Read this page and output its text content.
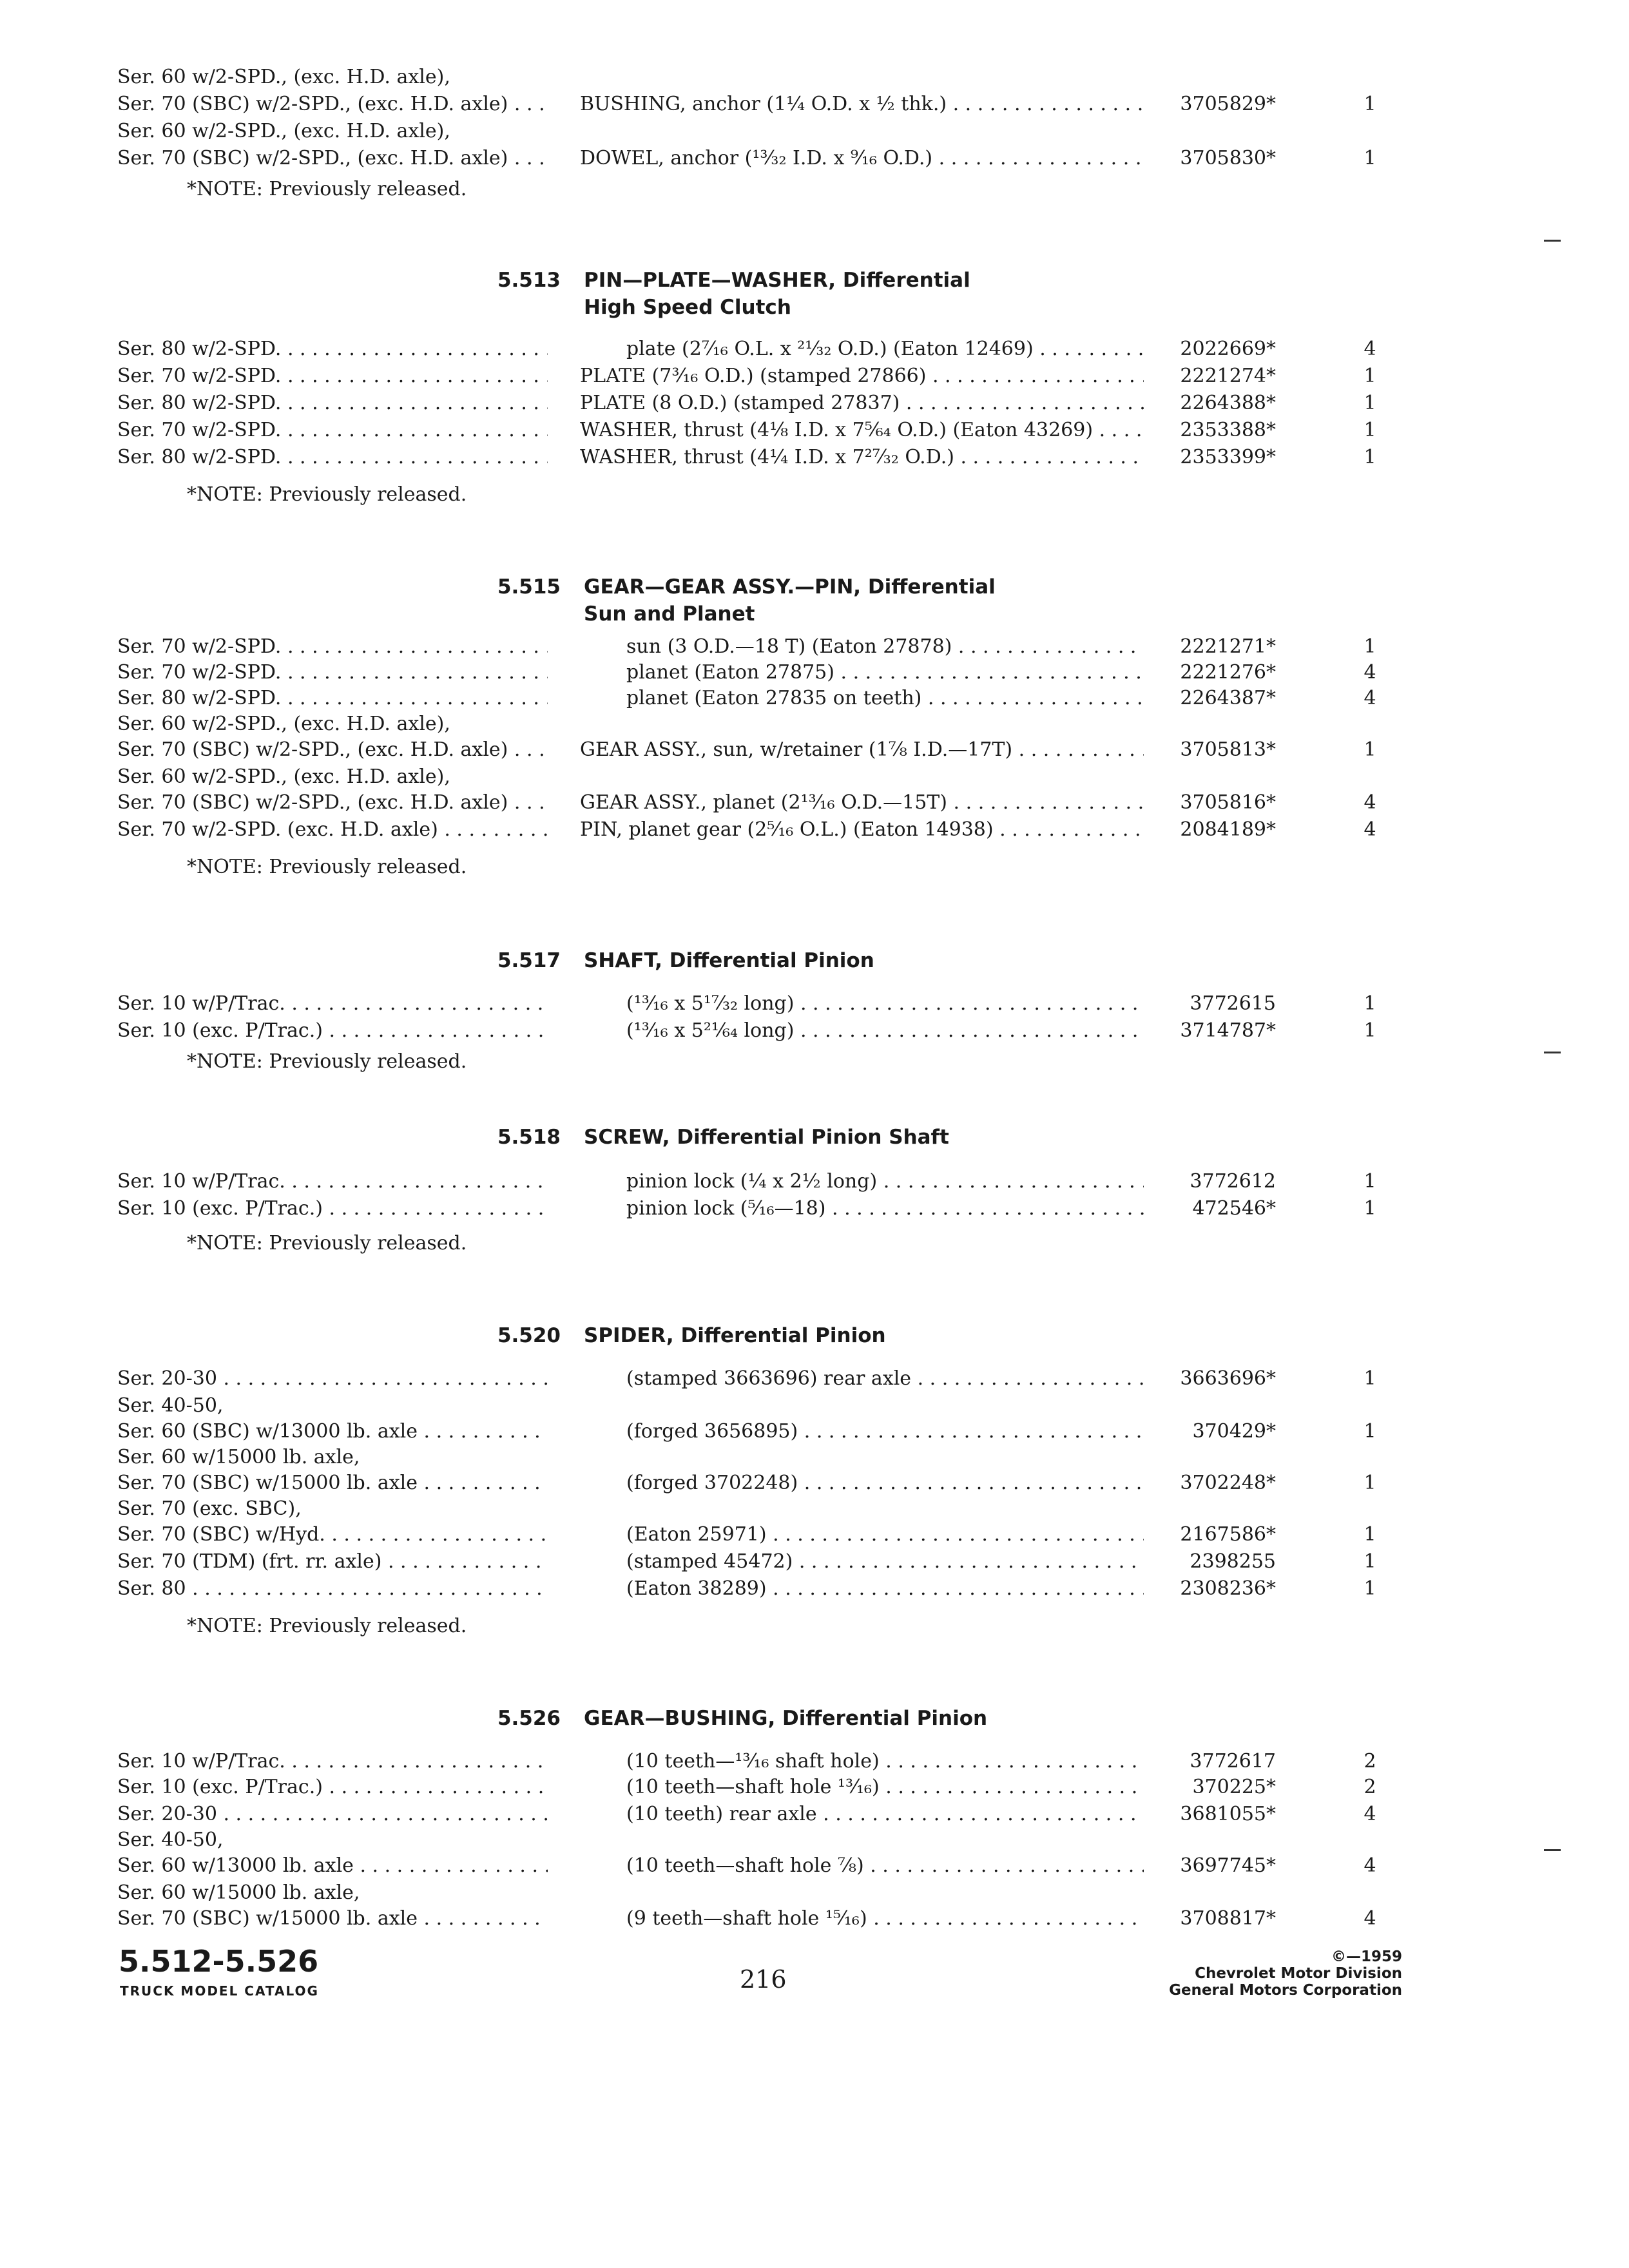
Ser. 60 w/2-SPD., (exc. H.D. axle),
Ser. 70 (SBC) w/2-SPD., (exc. H.D. axle) . . .	BUSHING, anchor (1¼ O.D. x ½ thk.) . . .	3705829*	1
Ser. 60 w/2-SPD., (exc. H.D. axle),
Ser. 70 (SBC) w/2-SPD., (exc. H.D. axle) . . .	DOWEL, anchor (¹³⁄₃₂ I.D. x ⁹⁄₁₆ O.D.) . . .	3705830*	1
*NOTE: Previously released.
5.513 PIN—PLATE—WASHER, Differential
High Speed Clutch
Ser. 80 w/2-SPD. . . .	plate (2⁷⁄₁₆ O.L. x ²¹⁄₃₂ O.D.) (Eaton 12469) . . .	2022669*	4
Ser. 70 w/2-SPD. . . .	PLATE (7³⁄₁₆ O.D.) (stamped 27866) . . .	2221274*	1
Ser. 80 w/2-SPD. . . .	PLATE (8 O.D.) (stamped 27837) . . .	2264388*	1
Ser. 70 w/2-SPD. . . .	WASHER, thrust (4⅛ I.D. x 7⁵⁄₆₄ O.D.) (Eaton 43269) . . .	2353388*	1
Ser. 80 w/2-SPD. . . .	WASHER, thrust (4¼ I.D. x 7²⁷⁄₃₂ O.D.) . . .	2353399*	1
*NOTE: Previously released.
5.515 GEAR—GEAR ASSY.—PIN, Differential
Sun and Planet
Ser. 70 w/2-SPD. . . .	sun (3 O.D.—18 T) (Eaton 27878) . . .	2221271*	1
Ser. 70 w/2-SPD. . . .	planet (Eaton 27875) . . .	2221276*	4
Ser. 80 w/2-SPD. . . .	planet (Eaton 27835 on teeth) . . .	2264387*	4
Ser. 60 w/2-SPD., (exc. H.D. axle),
Ser. 70 (SBC) w/2-SPD., (exc. H.D. axle) . . .	GEAR ASSY., sun, w/retainer (1⅞ I.D.—17T) . . .	3705813*	1
Ser. 60 w/2-SPD., (exc. H.D. axle),
Ser. 70 (SBC) w/2-SPD., (exc. H.D. axle) . . .	GEAR ASSY., planet (2¹³⁄₁₆ O.D.—15T) . . .	3705816*	4
Ser. 70 w/2-SPD. (exc. H.D. axle) . . .	PIN, planet gear (2⁵⁄₁₆ O.L.) (Eaton 14938) . . .	2084189*	4
*NOTE: Previously released.
5.517 SHAFT, Differential Pinion
Ser. 10 w/P/Trac. . . .	(¹³⁄₁₆ x 5¹⁷⁄₃₂ long) . . .	3772615	1
Ser. 10 (exc. P/Trac.) . . .	(¹³⁄₁₆ x 5²¹⁄₆₄ long) . . .	3714787*	1
*NOTE: Previously released.
5.518 SCREW, Differential Pinion Shaft
Ser. 10 w/P/Trac. . . .	pinion lock (¼ x 2½ long) . . .	3772612	1
Ser. 10 (exc. P/Trac.) . . .	pinion lock (⁵⁄₁₆—18) . . .	472546*	1
*NOTE: Previously released.
5.520 SPIDER, Differential Pinion
Ser. 20-30 . . .	(stamped 3663696) rear axle . . .	3663696*	1
Ser. 40-50,
Ser. 60 (SBC) w/13000 lb. axle . . .	(forged 3656895) . . .	370429*	1
Ser. 60 w/15000 lb. axle,
Ser. 70 (SBC) w/15000 lb. axle . . .	(forged 3702248) . . .	3702248*	1
Ser. 70 (exc. SBC),
Ser. 70 (SBC) w/Hyd. . . .	(Eaton 25971) . . .	2167586*	1
Ser. 70 (TDM) (frt. rr. axle) . . .	(stamped 45472) . . .	2398255	1
Ser. 80 . . .	(Eaton 38289) . . .	2308236*	1
*NOTE: Previously released.
5.526 GEAR—BUSHING, Differential Pinion
Ser. 10 w/P/Trac. . . .	(10 teeth—¹³⁄₁₆ shaft hole) . . .	3772617	2
Ser. 10 (exc. P/Trac.) . . .	(10 teeth—shaft hole ¹³⁄₁₆) . . .	370225*	2
Ser. 20-30 . . .	(10 teeth) rear axle . . .	3681055*	4
Ser. 40-50,
Ser. 60 w/13000 lb. axle . . .	(10 teeth—shaft hole ⅞) . . .	3697745*	4
Ser. 60 w/15000 lb. axle,
Ser. 70 (SBC) w/15000 lb. axle . . .	(9 teeth—shaft hole ¹⁵⁄₁₆) . . .	3708817*	4
5.512-5.526
TRUCK MODEL CATALOG	216
©—1959
Chevrolet Motor Division
General Motors Corporation
